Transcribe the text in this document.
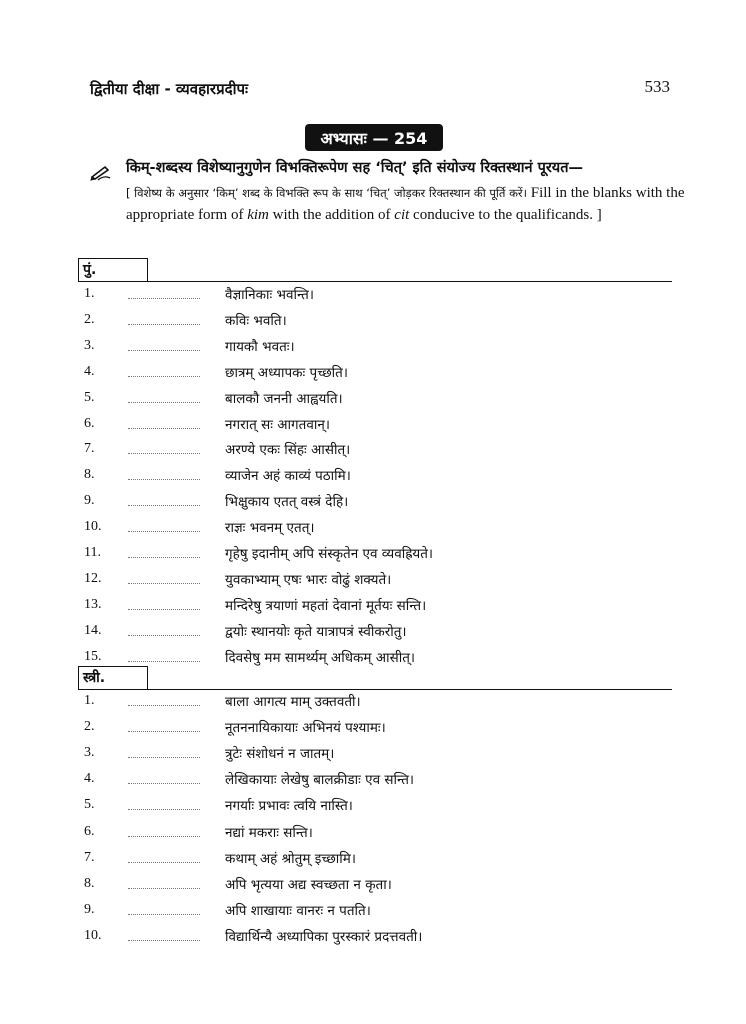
द्वितीया दीक्षा - व्यवहारप्रदीपः	533
अभ्यासः — 254
किम्-शब्दस्य विशेष्यानुगुणेन विभक्तिरूपेण सह ‘चित्’ इति संयोज्य रिक्तस्थानं पूरयत—
[ विशेष्य के अनुसार ‘किम्’ शब्द के विभक्ति रूप के साथ ‘चित्’ जोड़कर रिक्तस्थान की पूर्ति करें। Fill in the blanks with the appropriate form of kim with the addition of cit conducive to the qualificands. ]
पुं.
1.	वैज्ञानिकाः भवन्ति।
2.	कविः भवति।
3.	गायकौ भवतः।
4.	छात्रम् अध्यापकः पृच्छति।
5.	बालकौ जननी आह्वयति।
6.	नगरात् सः आगतवान्।
7.	अरण्ये एकः सिंहः आसीत्।
8.	व्याजेन अहं काव्यं पठामि।
9.	भिक्षुकाय एतत् वस्त्रं देहि।
10.	राज्ञः भवनम् एतत्।
11.	गृहेषु इदानीम् अपि संस्कृतेन एव व्यवह्रियते।
12.	युवकाभ्याम् एषः भारः वोढुं शक्यते।
13.	मन्दिरेषु त्रयाणां महतां देवानां मूर्तयः सन्ति।
14.	द्वयोः स्थानयोः कृते यात्रापत्रं स्वीकरोतु।
15.	दिवसेषु मम सामर्थ्यम् अधिकम् आसीत्।
स्त्री.
1.	बाला आगत्य माम् उक्तवती।
2.	नूतननायिकायाः अभिनयं पश्यामः।
3.	त्रुटेः संशोधनं न जातम्।
4.	लेखिकायाः लेखेषु बालक्रीडाः एव सन्ति।
5.	नगर्याः प्रभावः त्वयि नास्ति।
6.	नद्यां मकराः सन्ति।
7.	कथाम् अहं श्रोतुम् इच्छामि।
8.	अपि भृत्यया अद्य स्वच्छता न कृता।
9.	अपि शाखायाः वानरः न पतति।
10.	विद्यार्थिन्यै अध्यापिका पुरस्कारं प्रदत्तवती।
